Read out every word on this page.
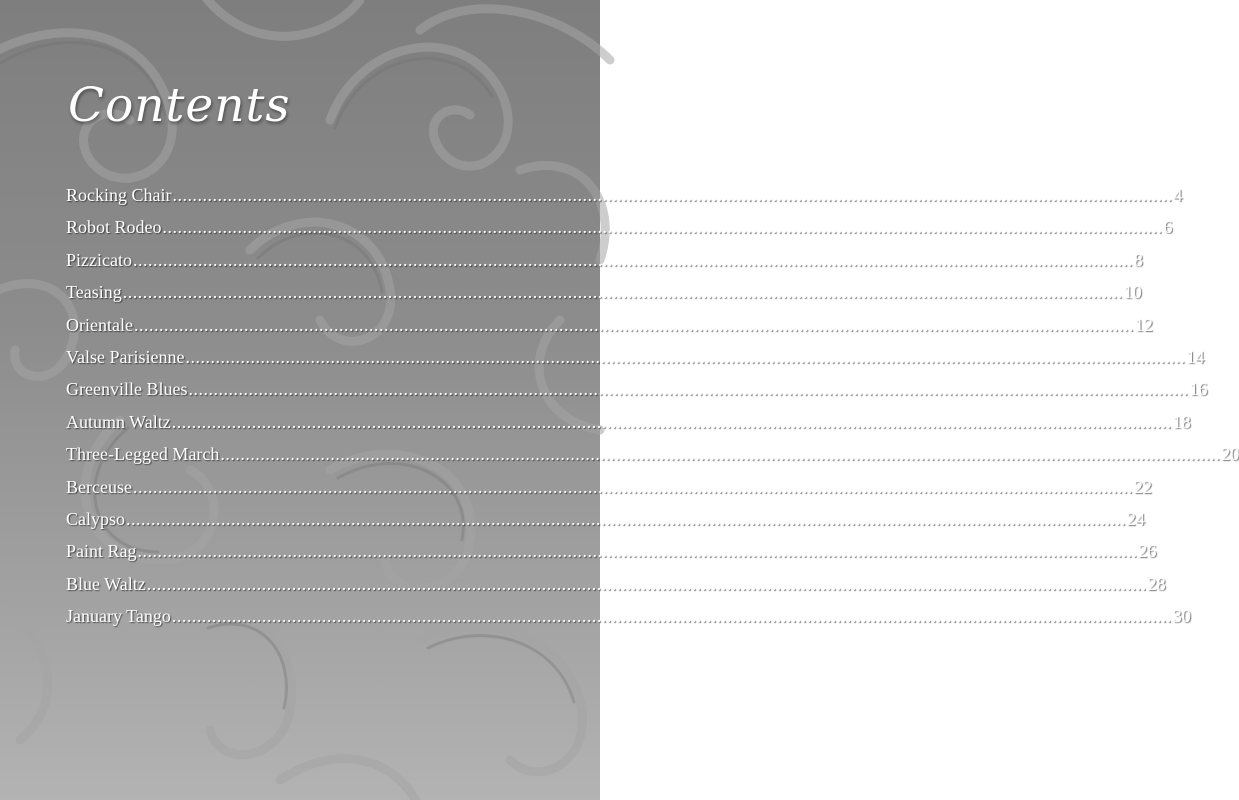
Contents
Rocking Chair ........................................................................................................................................................................................................ 4
Robot Rodeo ........................................................................................................................................................................................................ 6
Pizzicato ........................................................................................................................................................................................................ 8
Teasing ........................................................................................................................................................................................................ 10
Orientale ........................................................................................................................................................................................................ 12
Valse Parisienne ........................................................................................................................................................................................................ 14
Greenville Blues ........................................................................................................................................................................................................ 16
Autumn Waltz ........................................................................................................................................................................................................ 18
Three-Legged March ........................................................................................................................................................................................................ 20
Berceuse ........................................................................................................................................................................................................ 22
Calypso ........................................................................................................................................................................................................ 24
Paint Rag ........................................................................................................................................................................................................ 26
Blue Waltz ........................................................................................................................................................................................................ 28
January Tango ........................................................................................................................................................................................................ 30
